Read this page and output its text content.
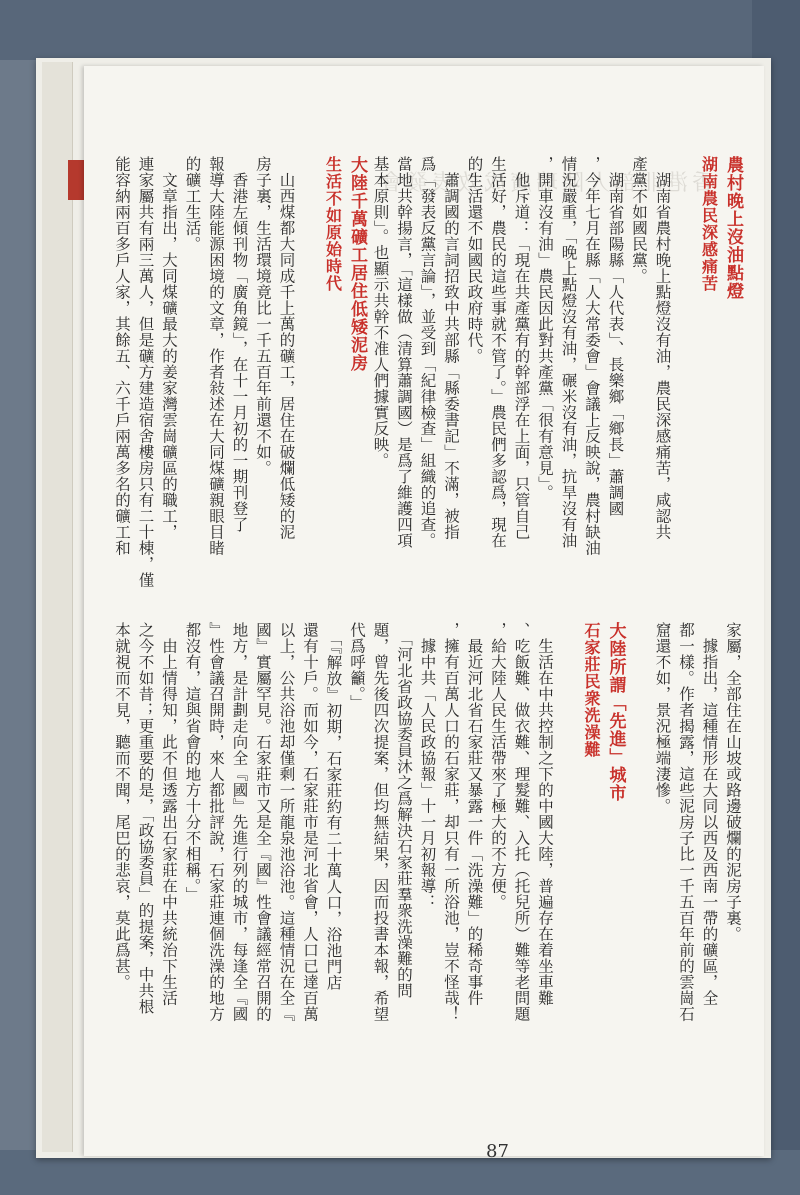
香港北部人陳瑞廣成效表發會 農村晚上沒油點燈
湖南農民深感痛苦
　湖南省農村晚上點燈沒有油，農民深感痛苦，咸認共
產黨不如國民黨。
　湖南省部陽縣「人代表」、長樂鄉「鄉長」蕭調國
，今年七月在縣「人大常委會」會議上反映說，農村缺油
情況嚴重，「晚上點燈沒有油，碾米沒有油，抗旱沒有油
，開車沒有油」農民因此對共產黨「很有意見」。
　他斥道：「現在共產黨有的幹部浮在上面，只管自己
生活好，農民的這些事就不管了。」農民們多認爲，現在
的生活還不如國民政府時代。
　蕭調國的言詞招致中共部縣「縣委書記」不滿，被指
爲「發表反黨言論」，並受到「紀律檢查」組織的追查。
當地共幹揚言，「這樣做（清算蕭調國）是爲了維護四項
基本原則」。也顯示共幹不准人們據實反映。
大陸千萬礦工居住低矮泥房
生活不如原始時代
　山西煤都大同成千上萬的礦工，居住在破爛低矮的泥
房子裏，生活環境竟比一千五百年前還不如。
　香港左傾刊物「廣角鏡」，在十一月初的一期刊登了
報導大陸能源困境的文章，作者敍述在大同煤礦親眼目睹
的礦工生活。
　文章指出，大同煤礦最大的姜家灣雲崗礦區的職工，
連家屬共有兩三萬人，但是礦方建造宿舍樓房只有二十棟，僅
能容納兩百多戶人家，其餘五、六千戶兩萬多名的礦工和
家屬，全部住在山坡或路邊破爛的泥房子裏。
　據指出，這種情形在大同以西及西南一帶的礦區，全
都一樣。作者揭露，這些泥房子比一千五百年前的雲崗石
窟還不如，景況極端淒慘。
大陸所謂「先進」城市
石家莊民衆洗澡難
　生活在中共控制之下的中國大陸，普遍存在着坐車難
、吃飯難、做衣難、理髮難、入托（托兒所）難等老問題
，給大陸人民生活帶來了極大的不方便。
　最近河北省石家莊又暴露一件「洗澡難」的稀奇事件
，擁有百萬人口的石家莊，却只有一所浴池，豈不怪哉！
　據中共「人民政協報」十一月初報導：
　「河北省政協委員沐之爲解決石家莊羣衆洗澡難的問
題，曾先後四次提案，但均無結果，因而投書本報，希望
代爲呼籲。」
　「『解放』初期，石家莊約有二十萬人口，浴池門店
還有十戶。而如今，石家莊市是河北省會，人口已達百萬
以上，公共浴池却僅剩一所龍泉池浴池。這種情況在全『
國』實屬罕見。石家莊市又是全『國』性會議經常召開的
地方，是計劃走向全『國』先進行列的城市，每逢全『國
』性會議召開時，來人都批評說，石家莊連個洗澡的地方
都沒有，這與省會的地方十分不相稱。」
　由上情得知，此不但透露出石家莊在中共統治下生活
之今不如昔；更重要的是，「政協委員」的提案，中共根
本就視而不見，聽而不聞，尾巴的悲哀，莫此爲甚。
87
